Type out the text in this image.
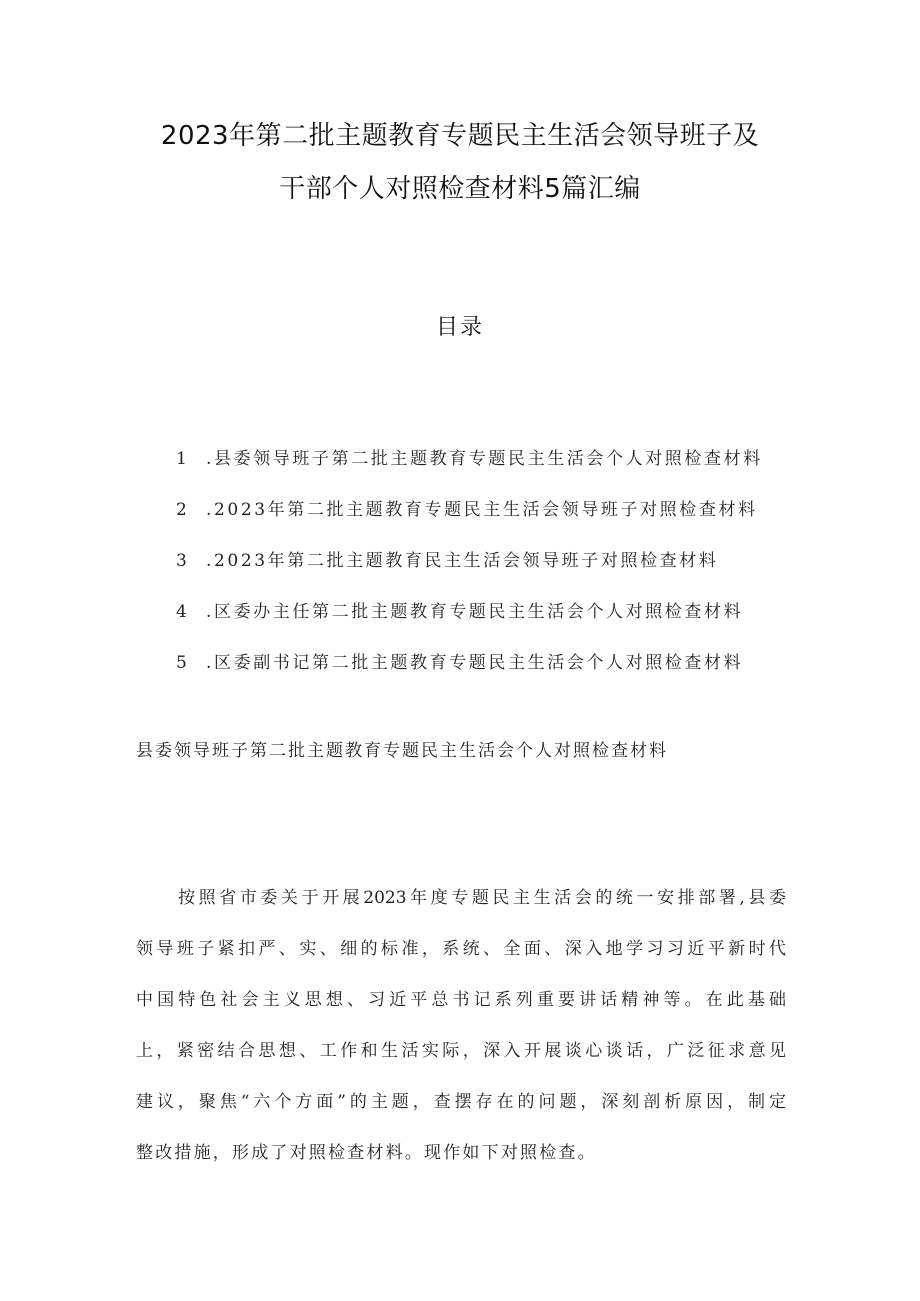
2023年第二批主题教育专题民主生活会领导班子及
干部个人对照检查材料5篇汇编
目录
1 .县委领导班子第二批主题教育专题民主生活会个人对照检查材料
2 .2023年第二批主题教育专题民主生活会领导班子对照检查材料
3 .2023年第二批主题教育民主生活会领导班子对照检查材料
4 .区委办主任第二批主题教育专题民主生活会个人对照检查材料
5 .区委副书记第二批主题教育专题民主生活会个人对照检查材料
县委领导班子第二批主题教育专题民主生活会个人对照检查材料

按照省市委关于开展2023年度专题民主生活会的统一安排部署,县委
领导班子紧扣严、实、细的标准，系统、全面、深入地学习习近平新时代
中国特色社会主义思想、习近平总书记系列重要讲话精神等。在此基础
上，紧密结合思想、工作和生活实际，深入开展谈心谈话，广泛征求意见
建议，聚焦“六个方面”的主题，查摆存在的问题，深刻剖析原因，制定
整改措施，形成了对照检查材料。现作如下对照检查。
